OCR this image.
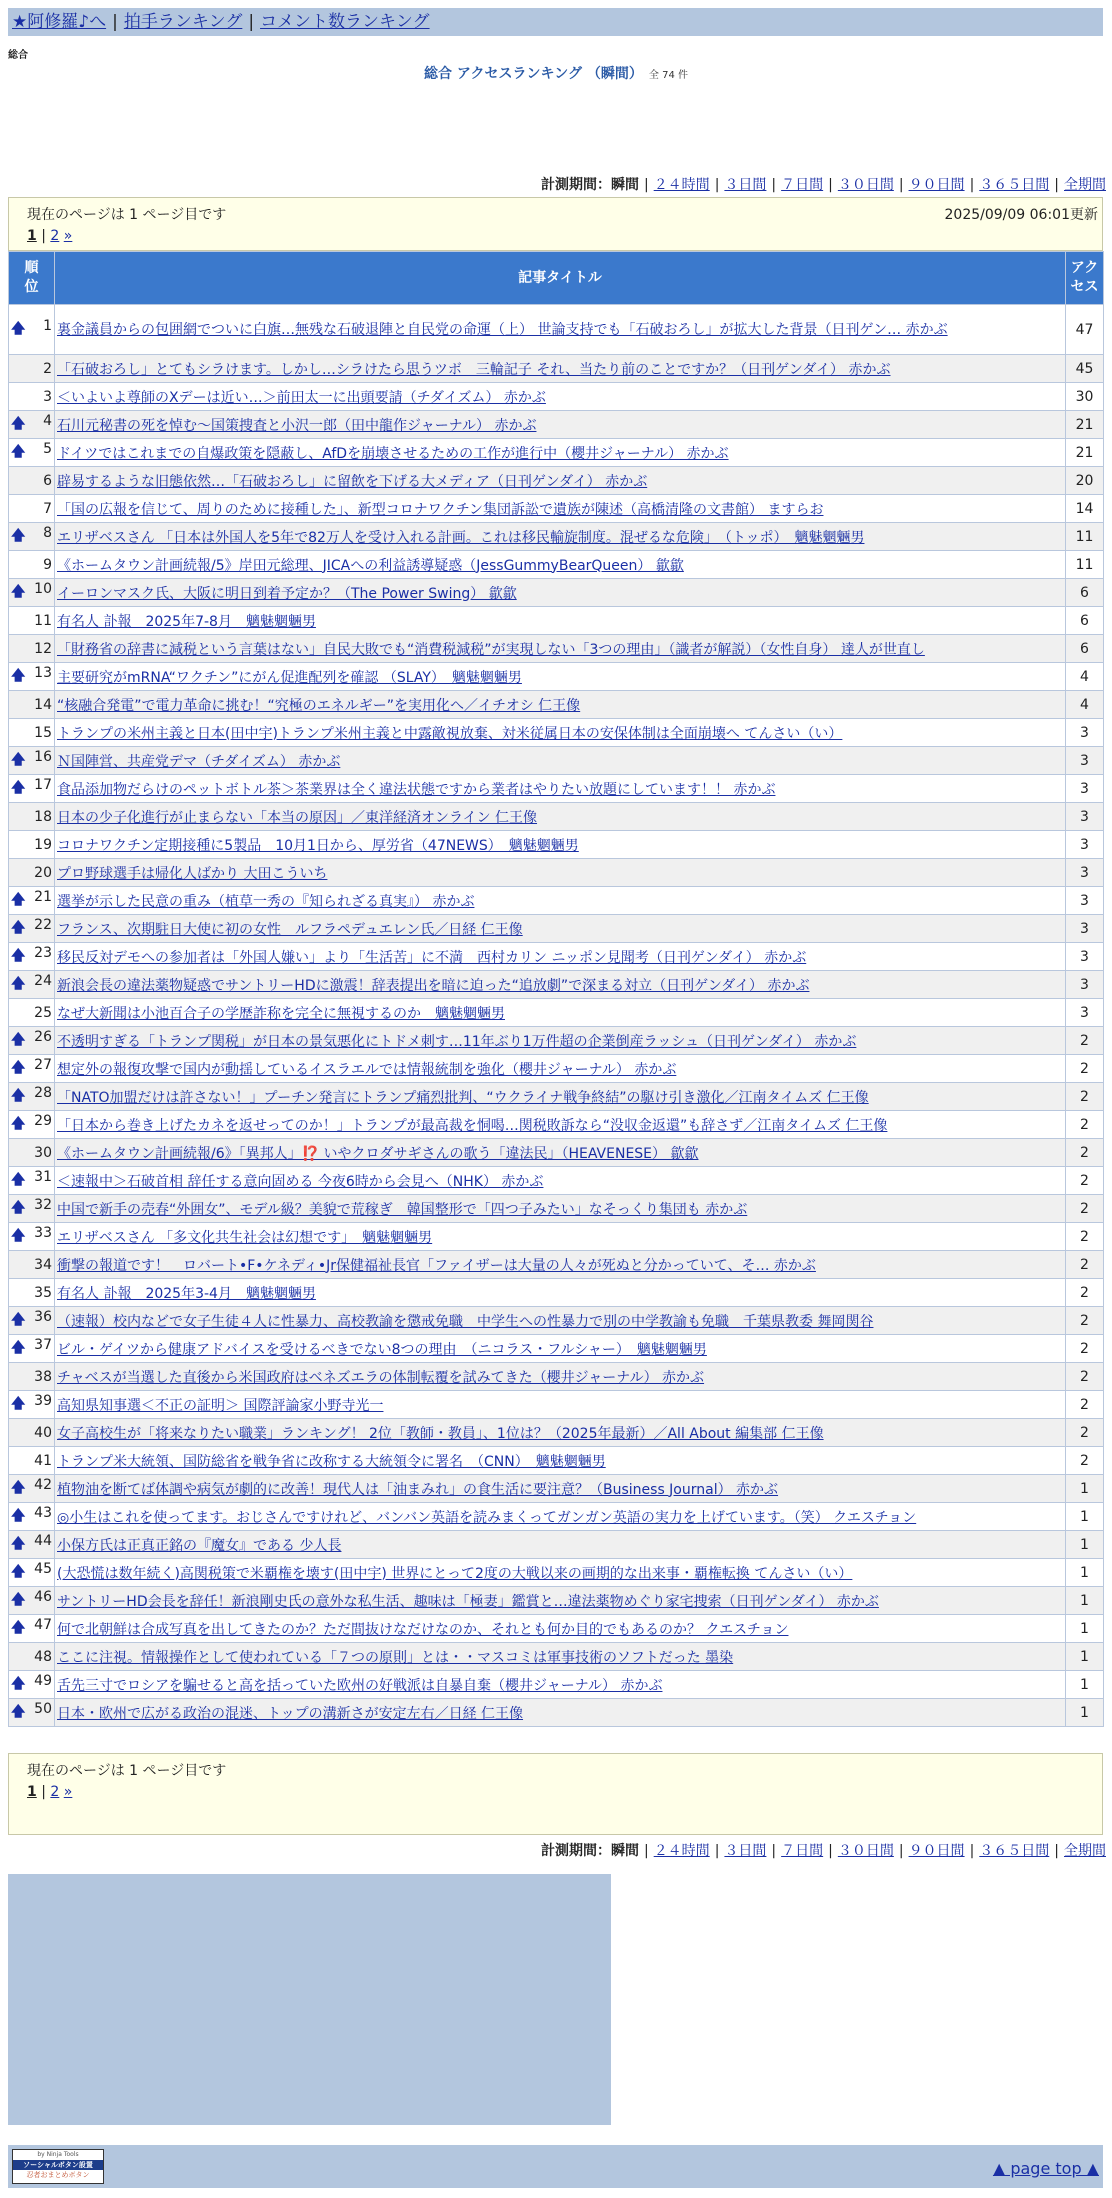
★阿修羅♪へ | 拍手ランキング | コメント数ランキング
総合
総合 アクセスランキング （瞬間） 全 74 件
計測期間：瞬間 | ２４時間 | ３日間 | ７日間 | ３０日間 | ９０日間 | ３６５日間 | 全期間
現在のページは 1 ページ目です	2025/09/09 06:01更新
1 | 2 »
順位	記事タイトル	アクセス

🡅 1	裏金議員からの包囲網でついに白旗…無残な石破退陣と自民党の命運（上） 世論支持でも「石破おろし」が拡大した背景（日刊ゲン… 赤かぶ	47
2	「石破おろし」とてもシラけます。しかし…シラけたら思うツボ　三輪記子 それ、当たり前のことですか？（日刊ゲンダイ） 赤かぶ	45
3	＜いよいよ尊師のXデーは近い…＞前田太一に出頭要請（チダイズム） 赤かぶ	30

🡅 4	石川元秘書の死を悼む〜国策捜査と小沢一郎（田中龍作ジャーナル） 赤かぶ	21

🡅 5	ドイツではこれまでの自爆政策を隠蔽し、AfDを崩壊させるための工作が進行中（櫻井ジャーナル） 赤かぶ	21
6	辟易するような旧態依然…「石破おろし」に留飲を下げる大メディア（日刊ゲンダイ） 赤かぶ	20
7	「国の広報を信じて、周りのために接種した」、新型コロナワクチン集団訴訟で遺族が陳述（高橋清隆の文書館） ますらお	14

🡅 8	エリザベスさん 「日本は外国人を5年で82万人を受け入れる計画。これは移民輸旋制度。混ぜるな危険」　（トッポ）　魑魅魍魎男	11
9	《ホームタウン計画続報/5》岸田元総理、JICAへの利益誘導疑惑（JessGummyBearQueen） 歙歙	11

🡅 10	イーロンマスク氏、大阪に明日到着予定か？（The Power Swing） 歙歙	6
11	有名人 訃報　2025年7-8月　魑魅魍魎男	6
12	「財務省の辞書に減税という言葉はない」自民大敗でも“消費税減税”が実現しない「3つの理由」（識者が解説）（女性自身） 達人が世直し	6

🡅 13	主要研究がmRNA“ワクチン”にがん促進配列を確認 （SLAY）　魑魅魍魎男	4
14	“核融合発電”で電力革命に挑む！“究極のエネルギー”を実用化へ／イチオシ 仁王像	4
15	トランプの米州主義と日本(田中宇)トランプ米州主義と中露敵視放棄、対米従属日本の安保体制は全面崩壊へ てんさい（い）	3

🡅 16	Ｎ国陣営、共産党デマ（チダイズム） 赤かぶ	3

🡅 17	食品添加物だらけのペットボトル茶＞茶業界は全く違法状態ですから業者はやりたい放題にしています！！ 赤かぶ	3
18	日本の少子化進行が止まらない「本当の原因」／東洋経済オンライン 仁王像	3
19	コロナワクチン定期接種に5製品　10月1日から、厚労省（47NEWS）　魑魅魍魎男	3
20	プロ野球選手は帰化人ばかり 大田こういち	3

🡅 21	選挙が示した民意の重み（植草一秀の『知られざる真実』） 赤かぶ	3

🡅 22	フランス、次期駐日大使に初の女性　ルフラペデュエレン氏／日経 仁王像	3

🡅 23	移民反対デモへの参加者は「外国人嫌い」より「生活苦」に不満　西村カリン ニッポン見聞考（日刊ゲンダイ） 赤かぶ	3

🡅 24	新浪会長の違法薬物疑惑でサントリーHDに激震！辞表提出を暗に迫った“追放劇”で深まる対立（日刊ゲンダイ） 赤かぶ	3
25	なぜ大新聞は小池百合子の学歴詐称を完全に無視するのか　魑魅魍魎男	3

🡅 26	不透明すぎる「トランプ関税」が日本の景気悪化にトドメ刺す…11年ぶり1万件超の企業倒産ラッシュ（日刊ゲンダイ） 赤かぶ	2

🡅 27	想定外の報復攻撃で国内が動揺しているイスラエルでは情報統制を強化（櫻井ジャーナル） 赤かぶ	2

🡅 28	「NATO加盟だけは許さない！」プーチン発言にトランプ痛烈批判、“ウクライナ戦争終結”の駆け引き激化／江南タイムズ 仁王像	2

🡅 29	「日本から巻き上げたカネを返せってのか！」トランプが最高裁を恫喝…関税敗訴なら“没収金返還”も辞さず／江南タイムズ 仁王像	2
30	《ホームタウン計画続報/6》「異邦人」⁉️ いやクロダサギさんの歌う「違法民」（HEAVENESE） 歙歙	2

🡅 31	＜速報中＞石破首相 辞任する意向固める 今夜6時から会見へ（NHK） 赤かぶ	2

🡅 32	中国で新手の売春“外囲女”、モデル級？美貌で荒稼ぎ　韓国整形で「四つ子みたい」なそっくり集団も 赤かぶ	2

🡅 33	エリザベスさん 「多文化共生社会は幻想です」　魑魅魍魎男	2
34	衝撃の報道です！　ロバート•F•ケネディ•Jr保健福祉長官「ファイザーは大量の人々が死ぬと分かっていて、そ… 赤かぶ	2
35	有名人 訃報　2025年3-4月　魑魅魍魎男	2

🡅 36	（速報）校内などで女子生徒４人に性暴力、高校教諭を懲戒免職　中学生への性暴力で別の中学教諭も免職　千葉県教委 舞岡関谷	2

🡅 37	ビル・ゲイツから健康アドバイスを受けるべきでない8つの理由　（ニコラス・フルシャー）　魑魅魍魎男	2
38	チャベスが当選した直後から米国政府はベネズエラの体制転覆を試みてきた（櫻井ジャーナル） 赤かぶ	2

🡅 39	高知県知事選＜不正の証明＞ 国際評論家小野寺光一	2
40	女子高校生が「将来なりたい職業」ランキング！ 2位「教師・教員」、1位は？（2025年最新）／All About 編集部 仁王像	2
41	トランプ米大統領、国防総省を戦争省に改称する大統領令に署名　（CNN）　魑魅魍魎男	2

🡅 42	植物油を断てば体調や病気が劇的に改善！現代人は「油まみれ」の食生活に要注意？（Business Journal） 赤かぶ	1

🡅 43	◎小生はこれを使ってます。おじさんですけれど、バンバン英語を読みまくってガンガン英語の実力を上げています。（笑） クエスチョン	1

🡅 44	小保方氏は正真正銘の『魔女』である 少人長	1

🡅 45	(大恐慌は数年続く)高関税策で米覇権を壊す(田中宇) 世界にとって2度の大戦以来の画期的な出来事・覇権転換 てんさい（い）	1

🡅 46	サントリーHD会長を辞任！新浪剛史氏の意外な私生活、趣味は「極妻」鑑賞と…違法薬物めぐり家宅捜索（日刊ゲンダイ） 赤かぶ	1

🡅 47	何で北朝鮮は合成写真を出してきたのか？ただ間抜けなだけなのか、それとも何か目的でもあるのか？ クエスチョン	1
48	ここに注視。情報操作として使われている「７つの原則」とは・・マスコミは軍事技術のソフトだった 墨染	1

🡅 49	舌先三寸でロシアを騙せると高を括っていた欧州の好戦派は自暴自棄（櫻井ジャーナル） 赤かぶ	1

🡅 50	日本・欧州で広がる政治の混迷、トップの溝新さが安定左右／日経 仁王像	1
計測期間：瞬間 | ２４時間 | ３日間 | ７日間 | ３０日間 | ９０日間 | ３６５日間 | 全期間
現在のページは 1 ページ目です
1 | 2 »
by Ninja Tools
ソーシャルボタン設置
忍者おまとめボタン	▲ page top ▲
